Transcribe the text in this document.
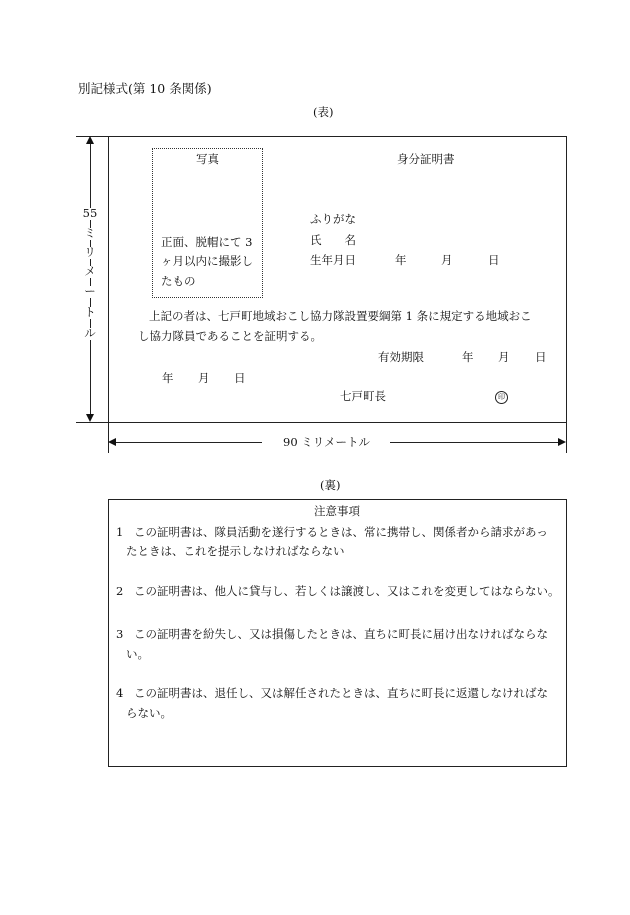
別記様式(第 10 条関係)
(表)
55
ミ
リ
メ
ー
ト
ル
写真
正面、脱帽にて 3
ヶ月以内に撮影し
たもの
身分証明書
ふりがな
氏　　名
生年月日	年	月	日
上記の者は、七戸町地域おこし協力隊設置要綱第 1 条に規定する地域おこ
し協力隊員であることを証明する。
有効期限	年 月 日
年 月 日
七戸町長	印
90 ミリメートル
(裏)
注意事項
1 この証明書は、隊員活動を遂行するときは、常に携帯し、関係者から請求があっ
たときは、これを提示しなければならない
2 この証明書は、他人に貸与し、若しくは譲渡し、又はこれを変更してはならない。
3 この証明書を紛失し、又は損傷したときは、直ちに町長に届け出なければならな
い。
4 この証明書は、退任し、又は解任されたときは、直ちに町長に返還しなければな
らない。
